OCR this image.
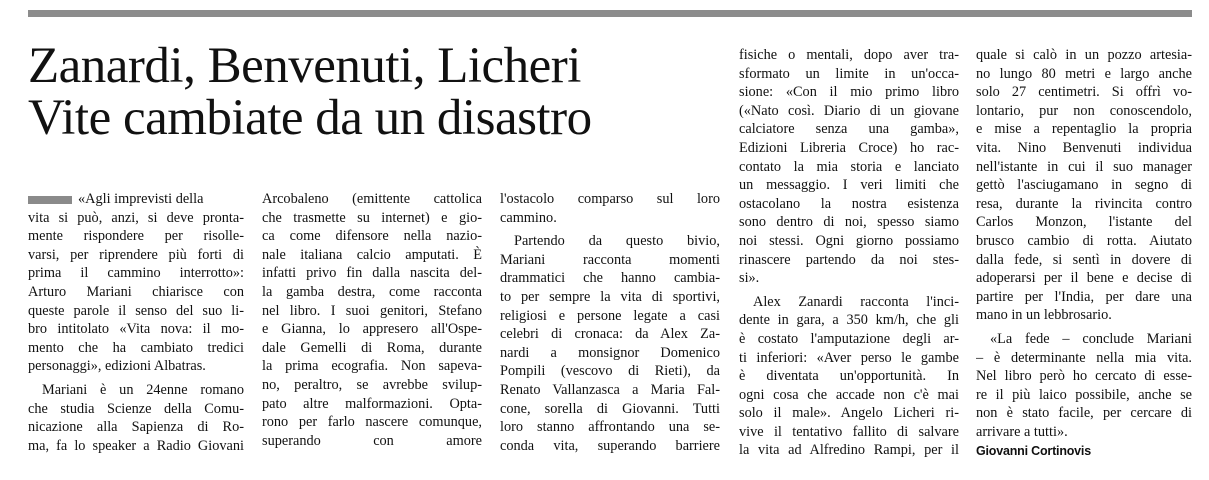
Zanardi, Benvenuti, Licheri
Vite cambiate da un disastro
«Agli imprevisti della
vita si può, anzi, si deve pronta-
mente rispondere per risolle-
varsi, per riprendere più forti di
prima il cammino interrotto»:
Arturo Mariani chiarisce con
queste parole il senso del suo li-
bro intitolato «Vita nova: il mo-
mento che ha cambiato tredici
personaggi», edizioni Albatras.
Mariani è un 24enne romano
che studia Scienze della Comu-
nicazione alla Sapienza di Ro-
ma, fa lo speaker a Radio Giovani
Arcobaleno (emittente cattolica
che trasmette su internet) e gio-
ca come difensore nella nazio-
nale italiana calcio amputati. È
infatti privo fin dalla nascita del-
la gamba destra, come racconta
nel libro. I suoi genitori, Stefano
e Gianna, lo appresero all'Ospe-
dale Gemelli di Roma, durante
la prima ecografia. Non sapeva-
no, peraltro, se avrebbe svilup-
pato altre malformazioni. Opta-
rono per farlo nascere comunque,
superando con amore
l'ostacolo comparso sul loro
cammino.
Partendo da questo bivio,
Mariani racconta momenti
drammatici che hanno cambia-
to per sempre la vita di sportivi,
religiosi e persone legate a casi
celebri di cronaca: da Alex Za-
nardi a monsignor Domenico
Pompili (vescovo di Rieti), da
Renato Vallanzasca a Maria Fal-
cone, sorella di Giovanni. Tutti
loro stanno affrontando una se-
conda vita, superando barriere
fisiche o mentali, dopo aver tra-
sformato un limite in un'occa-
sione: «Con il mio primo libro
(«Nato così. Diario di un giovane
calciatore senza una gamba»,
Edizioni Libreria Croce) ho rac-
contato la mia storia e lanciato
un messaggio. I veri limiti che
ostacolano la nostra esistenza
sono dentro di noi, spesso siamo
noi stessi. Ogni giorno possiamo
rinascere partendo da noi stes-
si».
Alex Zanardi racconta l'inci-
dente in gara, a 350 km/h, che gli
è costato l'amputazione degli ar-
ti inferiori: «Aver perso le gambe
è diventata un'opportunità. In
ogni cosa che accade non c'è mai
solo il male». Angelo Licheri ri-
vive il tentativo fallito di salvare
la vita ad Alfredino Rampi, per il
quale si calò in un pozzo artesia-
no lungo 80 metri e largo anche
solo 27 centimetri. Si offrì vo-
lontario, pur non conoscendolo,
e mise a repentaglio la propria
vita. Nino Benvenuti individua
nell'istante in cui il suo manager
gettò l'asciugamano in segno di
resa, durante la rivincita contro
Carlos Monzon, l'istante del
brusco cambio di rotta. Aiutato
dalla fede, si sentì in dovere di
adoperarsi per il bene e decise di
partire per l'India, per dare una
mano in un lebbrosario.
«La fede – conclude Mariani
– è determinante nella mia vita.
Nel libro però ho cercato di esse-
re il più laico possibile, anche se
non è stato facile, per cercare di
arrivare a tutti».
Giovanni Cortinovis
